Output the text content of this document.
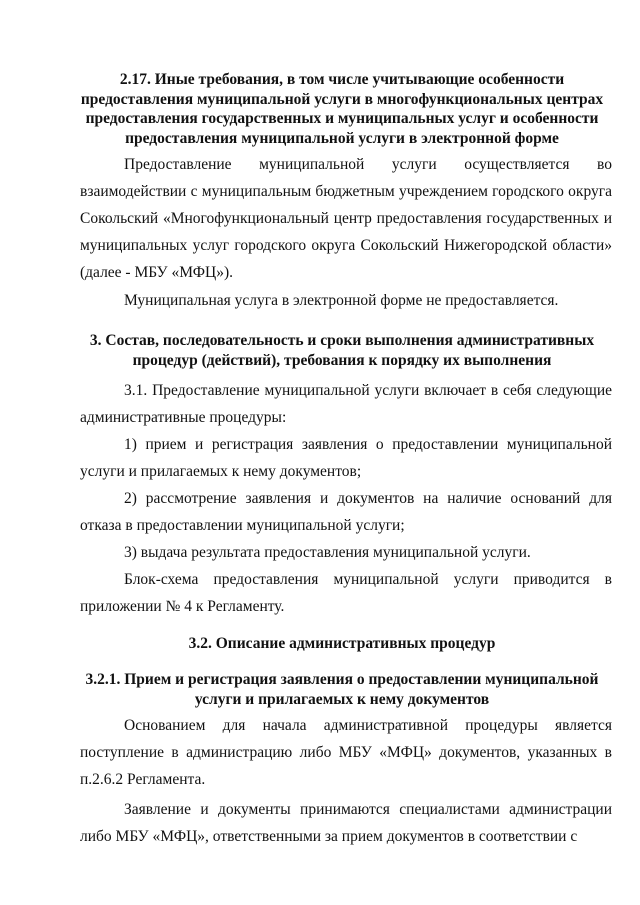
2.17. Иные требования, в том числе учитывающие особенности предоставления муниципальной услуги в многофункциональных центрах предоставления государственных и муниципальных услуг и особенности предоставления муниципальной услуги в электронной форме
Предоставление муниципальной услуги осуществляется во взаимодействии с муниципальным бюджетным учреждением городского округа Сокольский «Многофункциональный центр предоставления государственных и муниципальных услуг городского округа Сокольский Нижегородской области» (далее - МБУ «МФЦ»).
Муниципальная услуга в электронной форме не предоставляется.
3. Состав, последовательность и сроки выполнения административных процедур (действий), требования к порядку их выполнения
3.1. Предоставление муниципальной услуги включает в себя следующие административные процедуры:
1) прием и регистрация заявления о предоставлении муниципальной услуги и прилагаемых к нему документов;
2) рассмотрение заявления и документов на наличие оснований для отказа в предоставлении муниципальной услуги;
3) выдача результата предоставления муниципальной услуги.
Блок-схема предоставления муниципальной услуги приводится в приложении № 4 к Регламенту.
3.2. Описание административных процедур
3.2.1. Прием и регистрация заявления о предоставлении муниципальной услуги и прилагаемых к нему документов
Основанием для начала административной процедуры является поступление в администрацию либо МБУ «МФЦ» документов, указанных в п.2.6.2 Регламента.
Заявление и документы принимаются специалистами администрации либо МБУ «МФЦ», ответственными за прием документов в соответствии с
